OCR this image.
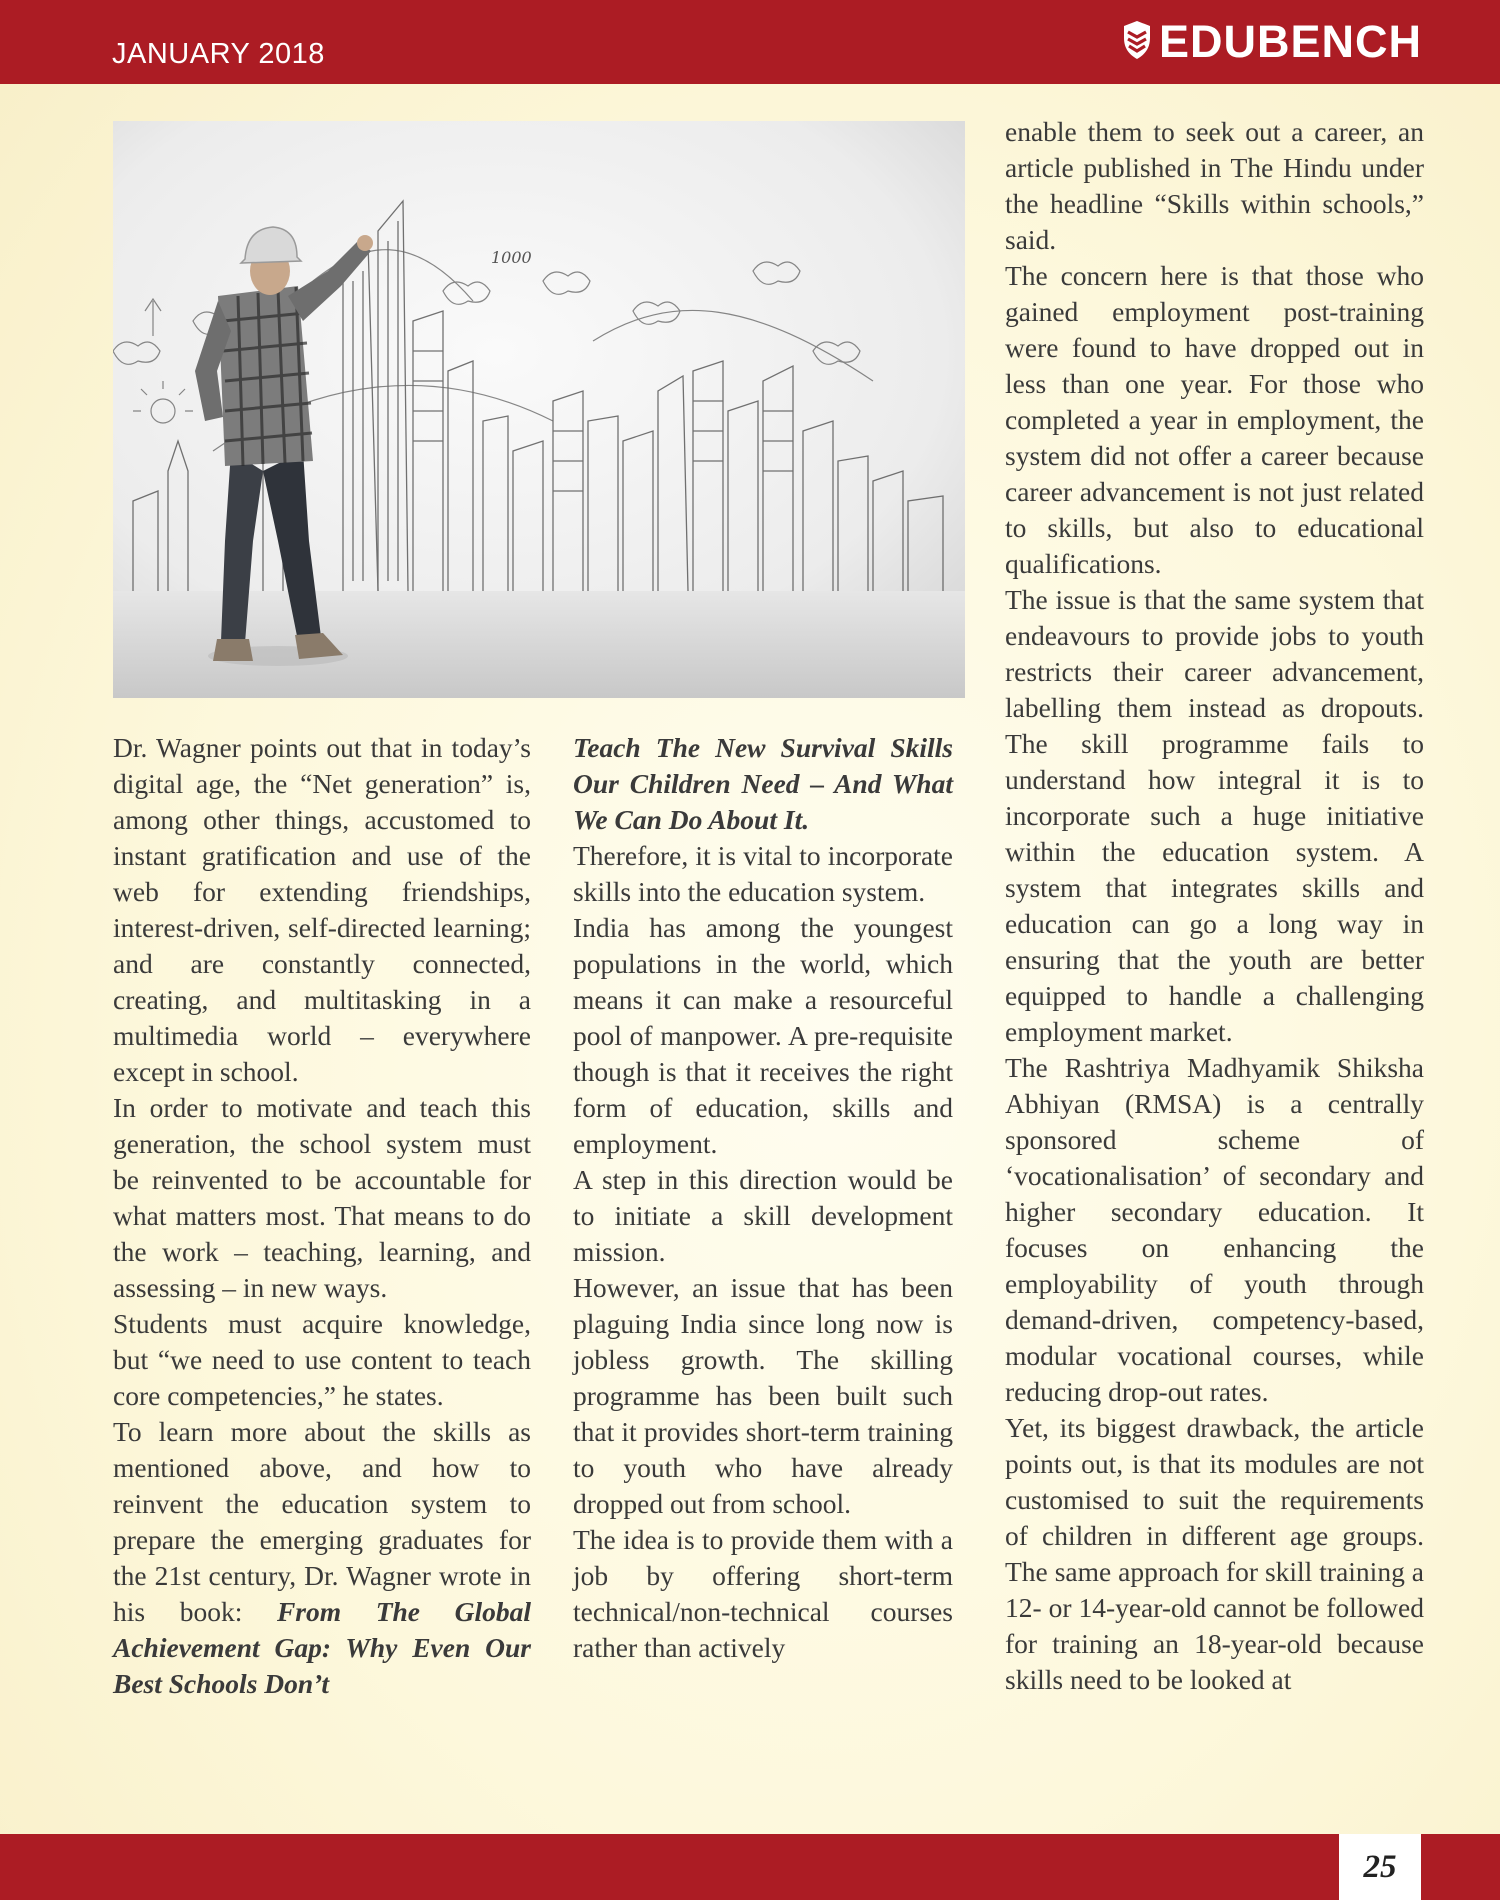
JANUARY 2018	EDUBENCH
1000

Dr. Wagner points out that in today’s digital age, the “Net generation” is, among other things, accustomed to instant gratification and use of the web for extending friendships, interest-driven, self-directed learning; and are constantly connected, creating, and multitasking in a multimedia world – everywhere except in school.

In order to motivate and teach this generation, the school system must be reinvented to be accountable for what matters most. That means to do the work – teaching, learning, and assessing – in new ways.

Students must acquire knowledge, but “we need to use content to teach core competencies,” he states.

To learn more about the skills as mentioned above, and how to reinvent the education system to prepare the emerging graduates for the 21st century, Dr. Wagner wrote in his book: From The Global Achievement Gap: Why Even Our Best Schools Don’t

Teach The New Survival Skills Our Children Need – And What We Can Do About It.

Therefore, it is vital to incorporate skills into the education system.

India has among the youngest populations in the world, which means it can make a resourceful pool of manpower. A pre-requisite though is that it receives the right form of education, skills and employment.

A step in this direction would be to initiate a skill development mission.

However, an issue that has been plaguing India since long now is jobless growth. The skilling programme has been built such that it provides short-term training to youth who have already dropped out from school.

The idea is to provide them with a job by offering short-term technical/non-technical courses rather than actively

enable them to seek out a career, an article published in The Hindu under the headline “Skills within schools,” said.

The concern here is that those who gained employment post-training were found to have dropped out in less than one year. For those who completed a year in employment, the system did not offer a career because career advancement is not just related to skills, but also to educational qualifications.

The issue is that the same system that endeavours to provide jobs to youth restricts their career advancement, labelling them instead as dropouts. The skill programme fails to understand how integral it is to incorporate such a huge initiative within the education system. A system that integrates skills and education can go a long way in ensuring that the youth are better equipped to handle a challenging employment market.

The Rashtriya Madhyamik Shiksha Abhiyan (RMSA) is a centrally sponsored scheme of ‘vocationalisation’ of secondary and higher secondary education. It focuses on enhancing the employability of youth through demand-driven, competency-based, modular vocational courses, while reducing drop-out rates.

Yet, its biggest drawback, the article points out, is that its modules are not customised to suit the requirements of children in different age groups. The same approach for skill training a 12- or 14-year-old cannot be followed for training an 18-year-old because skills need to be looked at

25
